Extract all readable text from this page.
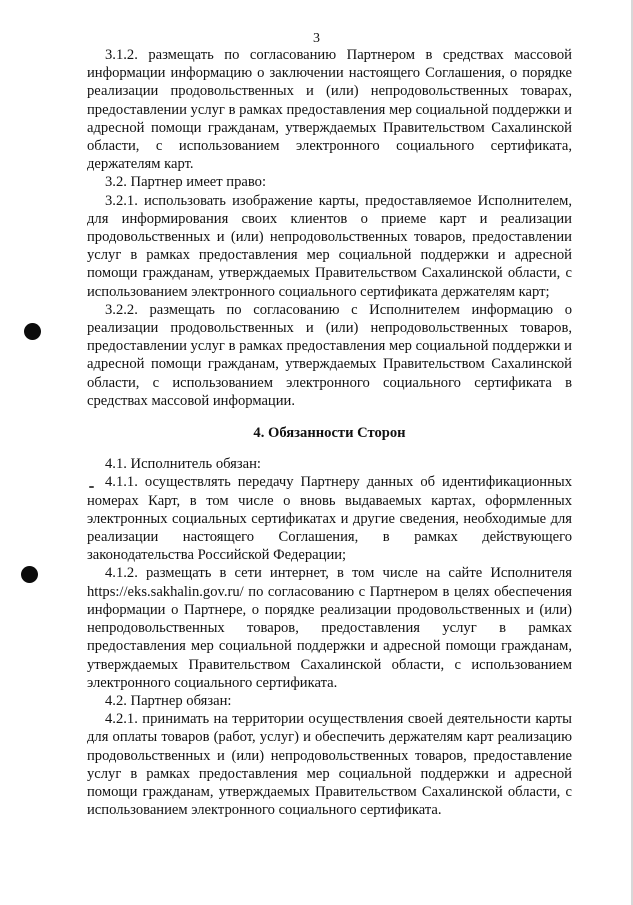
3

3.1.2. размещать по согласованию Партнером в средствах массовой информации информацию о заключении настоящего Соглашения, о порядке реализации продовольственных и (или) непродовольственных товарах, предоставлении услуг в рамках предоставления мер социальной поддержки и адресной помощи гражданам, утверждаемых Правительством Сахалинской области, с использованием электронного социального сертификата, держателям карт.

3.2. Партнер имеет право:

3.2.1. использовать изображение карты, предоставляемое Исполнителем, для информирования своих клиентов о приеме карт и реализации продовольственных и (или) непродовольственных товаров, предоставлении услуг в рамках предоставления мер социальной поддержки и адресной помощи гражданам, утверждаемых Правительством Сахалинской области, с использованием электронного социального сертификата держателям карт;

3.2.2. размещать по согласованию с Исполнителем информацию о реализации продовольственных и (или) непродовольственных товаров, предоставлении услуг в рамках предоставления мер социальной поддержки и адресной помощи гражданам, утверждаемых Правительством Сахалинской области, с использованием электронного социального сертификата в средствах массовой информации.

4. Обязанности Сторон

4.1. Исполнитель обязан:

4.1.1. осуществлять передачу Партнеру данных об идентификационных номерах Карт, в том числе о вновь выдаваемых картах, оформленных электронных социальных сертификатах и другие сведения, необходимые для реализации настоящего Соглашения, в рамках действующего законодательства Российской Федерации;

4.1.2. размещать в сети интернет, в том числе на сайте Исполнителя https://eks.sakhalin.gov.ru/ по согласованию с Партнером в целях обеспечения информации о Партнере, о порядке реализации продовольственных и (или) непродовольственных товаров, предоставления услуг в рамках предоставления мер социальной поддержки и адресной помощи гражданам, утверждаемых Правительством Сахалинской области, с использованием электронного социального сертификата.

4.2. Партнер обязан:

4.2.1. принимать на территории осуществления своей деятельности карты для оплаты товаров (работ, услуг) и обеспечить держателям карт реализацию продовольственных и (или) непродовольственных товаров, предоставление услуг в рамках предоставления мер социальной поддержки и адресной помощи гражданам, утверждаемых Правительством Сахалинской области, с использованием электронного социального сертификата.
